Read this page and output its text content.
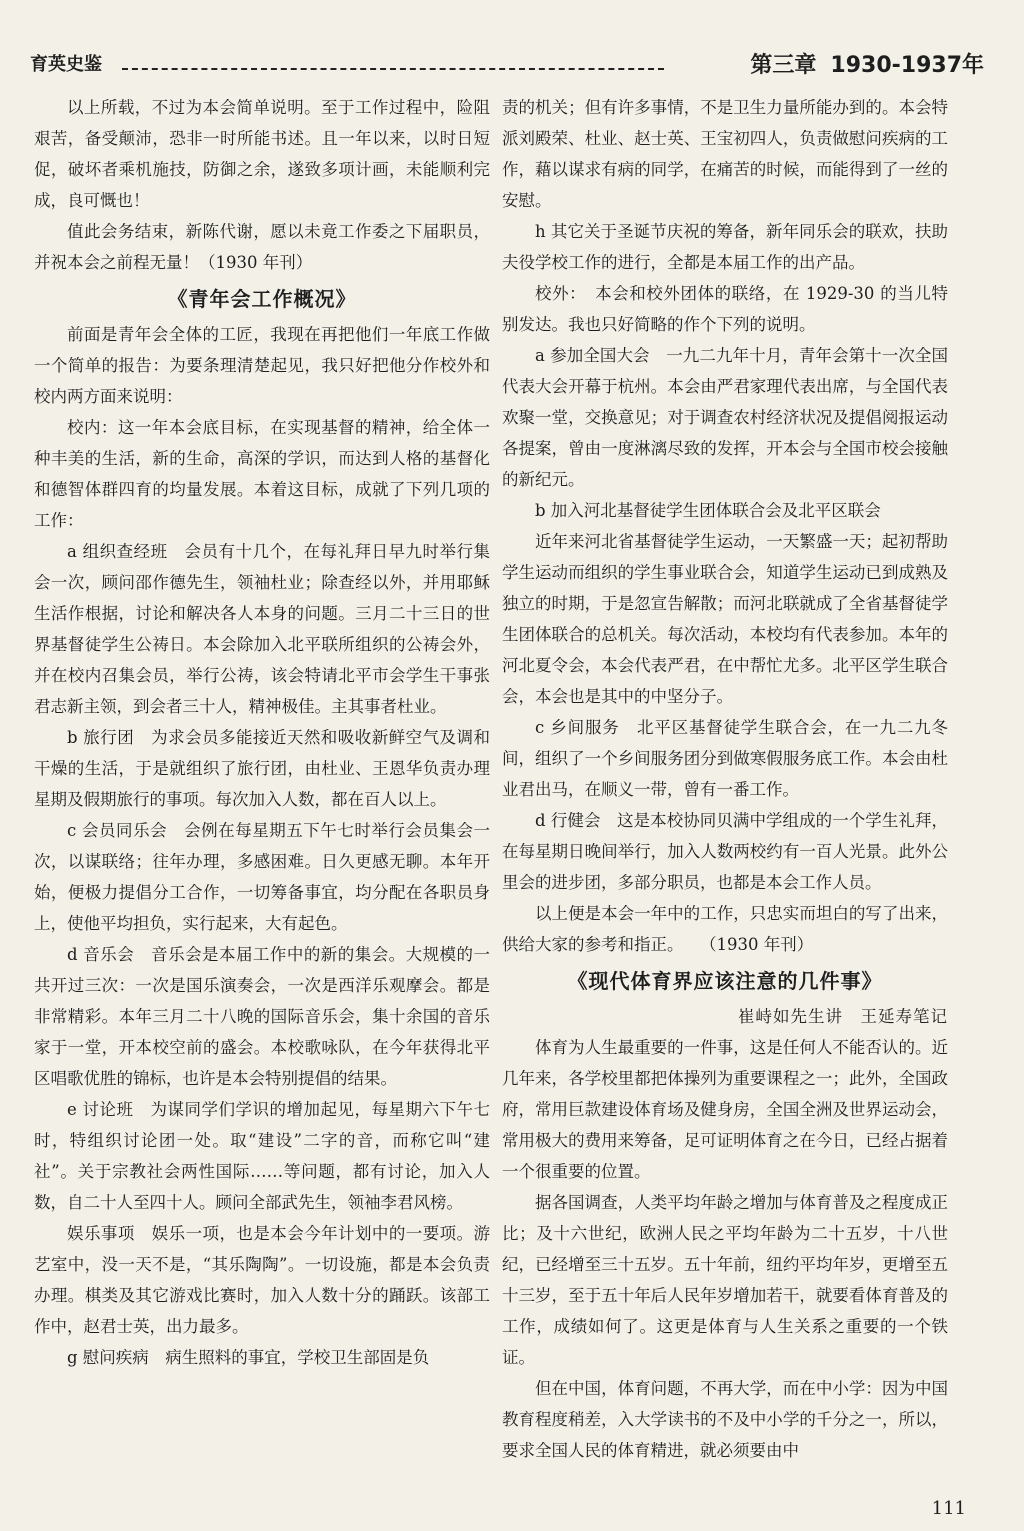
育英史鉴	第三章 1930-1937年

以上所载，不过为本会简单说明。至于工作过程中，险阻艰苦，备受颠沛，恐非一时所能书述。且一年以来，以时日短促，破坏者乘机施技，防御之余，遂致多项计画，未能顺利完成，良可慨也！

值此会务结束，新陈代谢，愿以未竟工作委之下届职员，并祝本会之前程无量！（1930 年刊）

《青年会工作概况》

前面是青年会全体的工匠，我现在再把他们一年底工作做一个简单的报告：为要条理清楚起见，我只好把他分作校外和校内两方面来说明：

校内：这一年本会底目标，在实现基督的精神，给全体一种丰美的生活，新的生命，高深的学识，而达到人格的基督化和德智体群四育的均量发展。本着这目标，成就了下列几项的工作：

a 组织查经班　会员有十几个，在每礼拜日早九时举行集会一次，顾问邵作德先生，领袖杜业；除查经以外，并用耶稣生活作根据，讨论和解决各人本身的问题。三月二十三日的世界基督徒学生公祷日。本会除加入北平联所组织的公祷会外，并在校内召集会员，举行公祷，该会特请北平市会学生干事张君志新主领，到会者三十人，精神极佳。主其事者杜业。

b 旅行团　为求会员多能接近天然和吸收新鲜空气及调和干燥的生活，于是就组织了旅行团，由杜业、王恩华负责办理星期及假期旅行的事项。每次加入人数，都在百人以上。

c 会员同乐会　会例在每星期五下午七时举行会员集会一次，以谋联络；往年办理，多感困难。日久更感无聊。本年开始，便极力提倡分工合作，一切筹备事宜，均分配在各职员身上，使他平均担负，实行起来，大有起色。

d 音乐会　音乐会是本届工作中的新的集会。大规模的一共开过三次：一次是国乐演奏会，一次是西洋乐观摩会。都是非常精彩。本年三月二十八晚的国际音乐会，集十余国的音乐家于一堂，开本校空前的盛会。本校歌咏队，在今年获得北平区唱歌优胜的锦标，也许是本会特别提倡的结果。

e 讨论班　为谋同学们学识的增加起见，每星期六下午七时，特组织讨论团一处。取“建设”二字的音，而称它叫“建社”。关于宗教社会两性国际……等问题，都有讨论，加入人数，自二十人至四十人。顾问全部武先生，领袖李君风榜。

娱乐事项　娱乐一项，也是本会今年计划中的一要项。游艺室中，没一天不是，“其乐陶陶”。一切设施，都是本会负责办理。棋类及其它游戏比赛时，加入人数十分的踊跃。该部工作中，赵君士英，出力最多。

g 慰问疾病　病生照料的事宜，学校卫生部固是负

责的机关；但有许多事情，不是卫生力量所能办到的。本会特派刘殿荣、杜业、赵士英、王宝初四人，负责做慰问疾病的工作，藉以谋求有病的同学，在痛苦的时候，而能得到了一丝的安慰。

h 其它关于圣诞节庆祝的筹备，新年同乐会的联欢，扶助夫役学校工作的进行，全都是本届工作的出产品。

校外：　本会和校外团体的联络，在 1929-30 的当儿特别发达。我也只好简略的作个下列的说明。

a 参加全国大会　一九二九年十月，青年会第十一次全国代表大会开幕于杭州。本会由严君家理代表出席，与全国代表欢聚一堂，交换意见；对于调查农村经济状况及提倡阅报运动各提案，曾由一度淋漓尽致的发挥，开本会与全国市校会接触的新纪元。

b 加入河北基督徒学生团体联合会及北平区联会

近年来河北省基督徒学生运动，一天繁盛一天；起初帮助学生运动而组织的学生事业联合会，知道学生运动已到成熟及独立的时期，于是忽宣告解散；而河北联就成了全省基督徒学生团体联合的总机关。每次活动，本校均有代表参加。本年的河北夏令会，本会代表严君，在中帮忙尤多。北平区学生联合会，本会也是其中的中坚分子。

c 乡间服务　北平区基督徒学生联合会，在一九二九冬间，组织了一个乡间服务团分到做寒假服务底工作。本会由杜业君出马，在顺义一带，曾有一番工作。

d 行健会　这是本校协同贝满中学组成的一个学生礼拜，在每星期日晚间举行，加入人数两校约有一百人光景。此外公里会的进步团，多部分职员，也都是本会工作人员。

以上便是本会一年中的工作，只忠实而坦白的写了出来，供给大家的参考和指正。　　（1930 年刊）

《现代体育界应该注意的几件事》

崔峙如先生讲　王延寿笔记

体育为人生最重要的一件事，这是任何人不能否认的。近几年来，各学校里都把体操列为重要课程之一；此外，全国政府，常用巨款建设体育场及健身房，全国全洲及世界运动会，常用极大的费用来筹备，足可证明体育之在今日，已经占据着一个很重要的位置。

据各国调查，人类平均年龄之增加与体育普及之程度成正比；及十六世纪，欧洲人民之平均年龄为二十五岁，十八世纪，已经增至三十五岁。五十年前，纽约平均年岁，更增至五十三岁，至于五十年后人民年岁增加若干，就要看体育普及的工作，成绩如何了。这更是体育与人生关系之重要的一个铁证。

但在中国，体育问题，不再大学，而在中小学：因为中国教育程度稍差，入大学读书的不及中小学的千分之一，所以，要求全国人民的体育精进，就必须要由中

111
